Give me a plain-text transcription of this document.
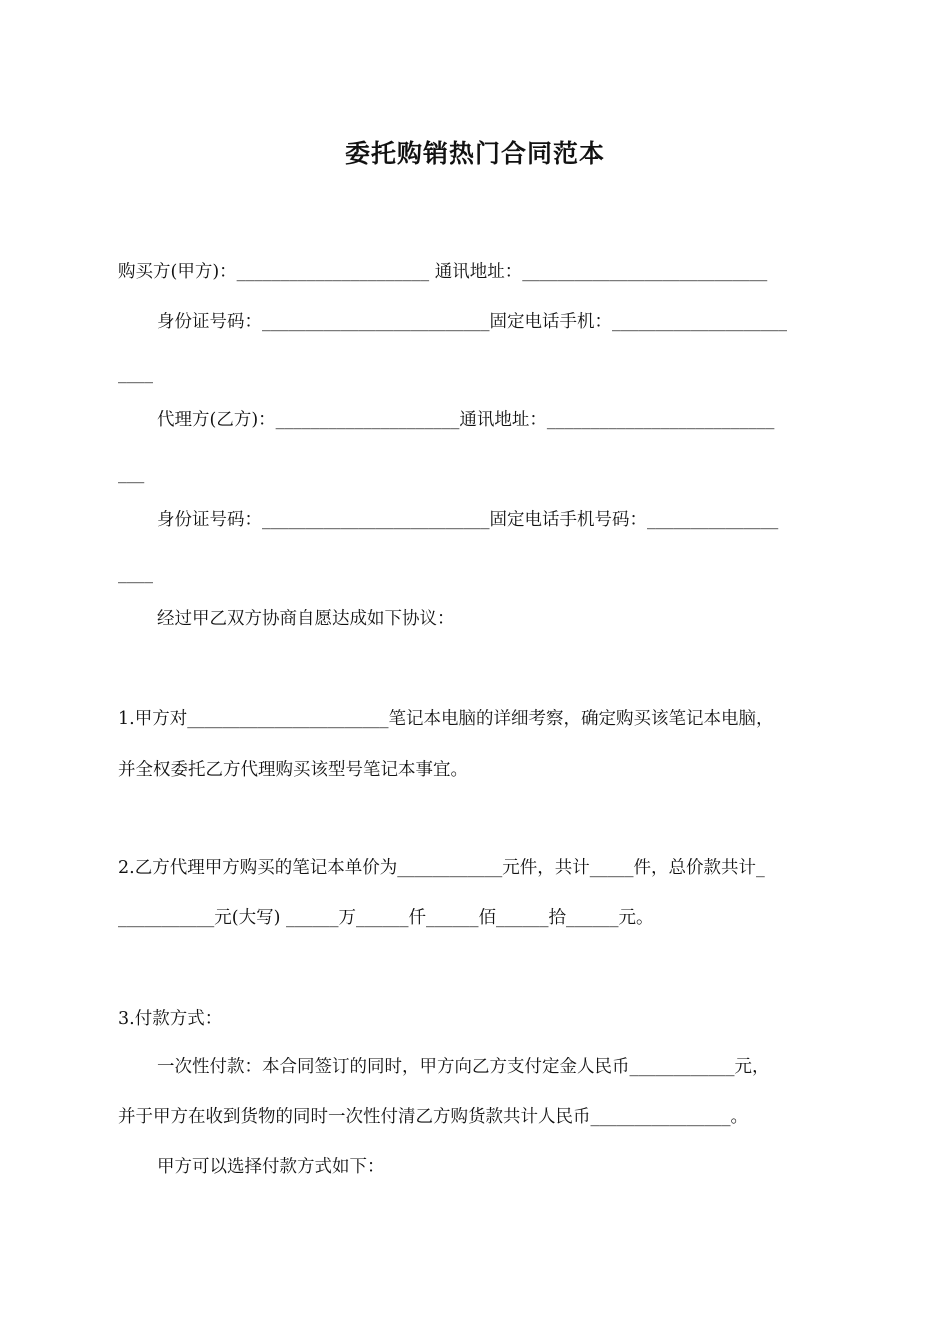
委托购销热门合同范本
购买方(甲方)：______________________ 通讯地址：____________________________
身份证号码：__________________________固定电话手机：____________________
____
代理方(乙方)：_____________________通讯地址：__________________________
___
身份证号码：__________________________固定电话手机号码：_______________
____
经过甲乙双方协商自愿达成如下协议：
1.甲方对_______________________笔记本电脑的详细考察，确定购买该笔记本电脑，
并全权委托乙方代理购买该型号笔记本事宜。
2.乙方代理甲方购买的笔记本单价为____________元件，共计_____件，总价款共计_
___________元(大写) ______万______仟______佰______拾______元。
3.付款方式：
一次性付款：本合同签订的同时，甲方向乙方支付定金人民币____________元，
并于甲方在收到货物的同时一次性付清乙方购货款共计人民币________________。
甲方可以选择付款方式如下：
